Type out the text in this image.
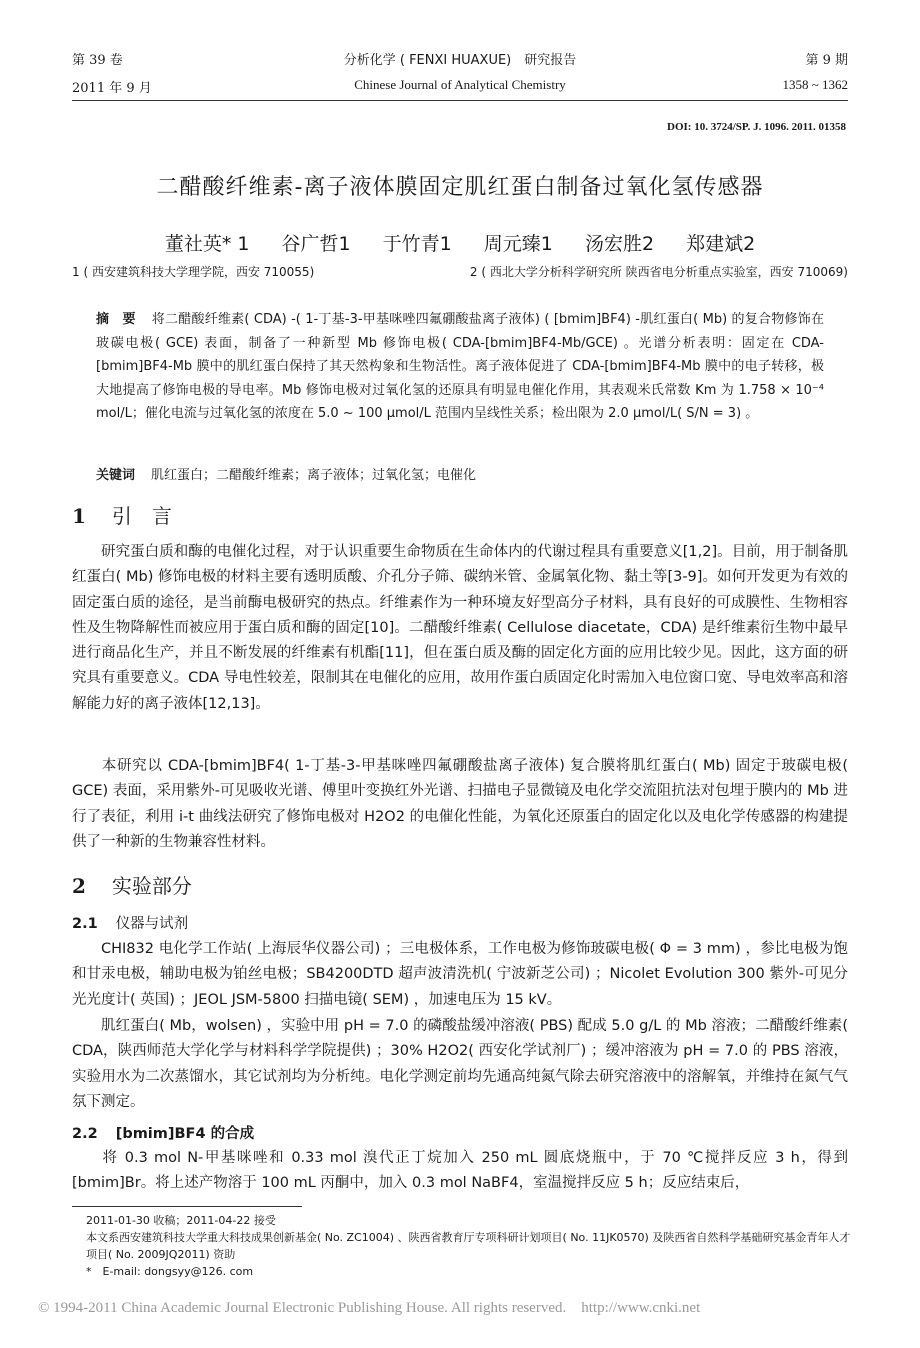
第 39 卷	分析化学 ( FENXI HUAXUE)　研究报告	第 9 期
2011 年 9 月	Chinese Journal of Analytical Chemistry	1358 ~ 1362
DOI: 10. 3724/SP. J. 1096. 2011. 01358
二醋酸纤维素-离子液体膜固定肌红蛋白制备过氧化氢传感器
董社英* 1 谷广哲1 于竹青1 周元臻1 汤宏胜2 郑建斌2
1 ( 西安建筑科技大学理学院，西安 710055)	2 ( 西北大学分析科学研究所 陕西省电分析重点实验室，西安 710069)
摘　要 将二醋酸纤维素( CDA) -( 1-丁基-3-甲基咪唑四氟硼酸盐离子液体) ( [bmim]BF4) -肌红蛋白( Mb) 的复合物修饰在玻碳电极( GCE) 表面，制备了一种新型 Mb 修饰电极( CDA-[bmim]BF4-Mb/GCE) 。光谱分析表明：固定在 CDA-[bmim]BF4-Mb 膜中的肌红蛋白保持了其天然构象和生物活性。离子液体促进了 CDA-[bmim]BF4-Mb 膜中的电子转移，极大地提高了修饰电极的导电率。Mb 修饰电极对过氧化氢的还原具有明显电催化作用，其表观米氏常数 Km 为 1.758 × 10⁻⁴ mol/L；催化电流与过氧化氢的浓度在 5.0 ~ 100 μmol/L 范围内呈线性关系；检出限为 2.0 μmol/L( S/N = 3) 。
关键词 肌红蛋白；二醋酸纤维素；离子液体；过氧化氢；电催化
1 引　言
研究蛋白质和酶的电催化过程，对于认识重要生命物质在生命体内的代谢过程具有重要意义[1,2]。目前，用于制备肌红蛋白( Mb) 修饰电极的材料主要有透明质酸、介孔分子筛、碳纳米管、金属氧化物、黏土等[3-9]。如何开发更为有效的固定蛋白质的途径，是当前酶电极研究的热点。纤维素作为一种环境友好型高分子材料，具有良好的可成膜性、生物相容性及生物降解性而被应用于蛋白质和酶的固定[10]。二醋酸纤维素( Cellulose diacetate，CDA) 是纤维素衍生物中最早进行商品化生产，并且不断发展的纤维素有机酯[11]，但在蛋白质及酶的固定化方面的应用比较少见。因此，这方面的研究具有重要意义。CDA 导电性较差，限制其在电催化的应用，故用作蛋白质固定化时需加入电位窗口宽、导电效率高和溶解能力好的离子液体[12,13]。
本研究以 CDA-[bmim]BF4( 1-丁基-3-甲基咪唑四氟硼酸盐离子液体) 复合膜将肌红蛋白( Mb) 固定于玻碳电极( GCE) 表面，采用紫外-可见吸收光谱、傅里叶变换红外光谱、扫描电子显微镜及电化学交流阻抗法对包埋于膜内的 Mb 进行了表征，利用 i-t 曲线法研究了修饰电极对 H2O2 的电催化性能，为氧化还原蛋白的固定化以及电化学传感器的构建提供了一种新的生物兼容性材料。
2 实验部分
2.1 仪器与试剂
CHI832 电化学工作站( 上海辰华仪器公司) ；三电极体系，工作电极为修饰玻碳电极( Φ = 3 mm) ，参比电极为饱和甘汞电极，辅助电极为铂丝电极；SB4200DTD 超声波清洗机( 宁波新芝公司) ；Nicolet Evolution 300 紫外-可见分光光度计( 英国) ；JEOL JSM-5800 扫描电镜( SEM) ，加速电压为 15 kV。
肌红蛋白( Mb，wolsen) ，实验中用 pH = 7.0 的磷酸盐缓冲溶液( PBS) 配成 5.0 g/L 的 Mb 溶液；二醋酸纤维素( CDA，陕西师范大学化学与材料科学学院提供) ；30% H2O2( 西安化学试剂厂) ；缓冲溶液为 pH = 7.0 的 PBS 溶液，实验用水为二次蒸馏水，其它试剂均为分析纯。电化学测定前均先通高纯氮气除去研究溶液中的溶解氧，并维持在氮气气氛下测定。
2.2 [bmim]BF4 的合成
将 0.3 mol N-甲基咪唑和 0.33 mol 溴代正丁烷加入 250 mL 圆底烧瓶中，于 70 ℃搅拌反应 3 h，得到 [bmim]Br。将上述产物溶于 100 mL 丙酮中，加入 0.3 mol NaBF4，室温搅拌反应 5 h；反应结束后，
2011-01-30 收稿；2011-04-22 接受
本文系西安建筑科技大学重大科技成果创新基金( No. ZC1004) 、陕西省教育厅专项科研计划项目( No. 11JK0570) 及陕西省自然科学基础研究基金青年人才项目( No. 2009JQ2011) 资助
*　E-mail: dongsyy@126. com
© 1994-2011 China Academic Journal Electronic Publishing House. All rights reserved.　http://www.cnki.net
